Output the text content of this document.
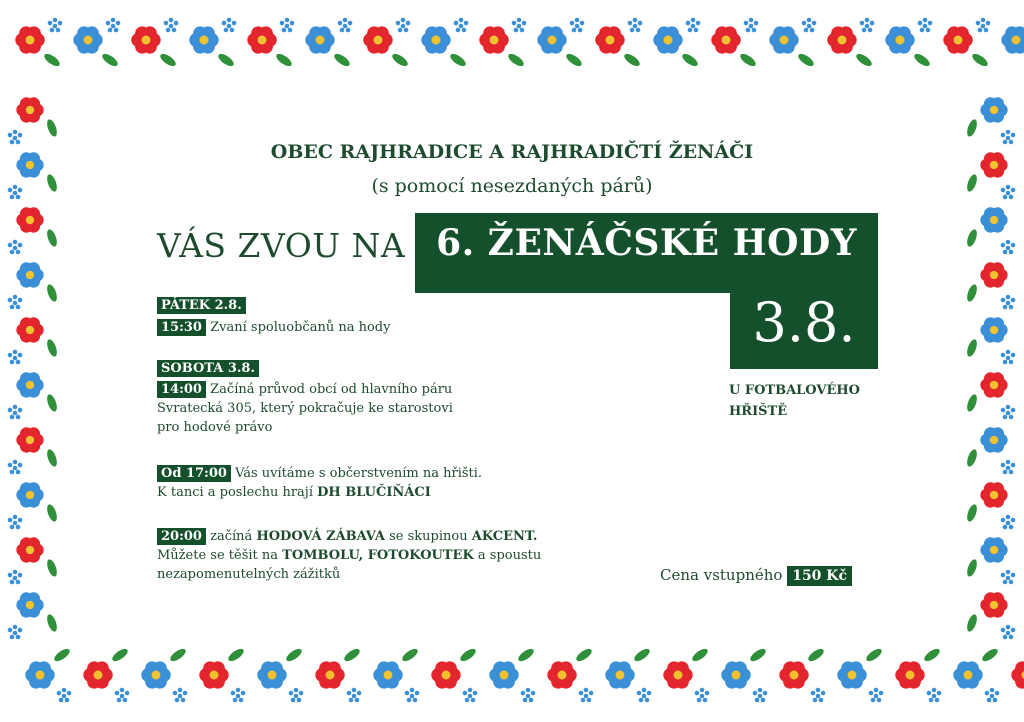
OBEC RAJHRADICE A RAJHRADIČTÍ ŽENÁČI
(s pomocí nesezdaných párů)
VÁS ZVOU NA 6. ŽENÁČSKÉ HODY
3.8.
U FOTBALOVÉHO HŘIŠTĚ
PÁTEK 2.8.
15:30 Zvaní spoluobčanů na hody
SOBOTA 3.8.
14:00 Začíná průvod obcí od hlavního páru Svratecká 305, který pokračuje ke starostovi pro hodové právo
Od 17:00 Vás uvítáme s občerstvením na hřišti.
K tanci a poslechu hrají DH BLUČIŇÁCI
20:00 začíná HODOVÁ ZÁBAVA se skupinou AKCENT.
Můžete se těšit na TOMBOLU, FOTOKOUTEK a spoustu nezapomenutelných zážitků	Cena vstupného 150 Kč
